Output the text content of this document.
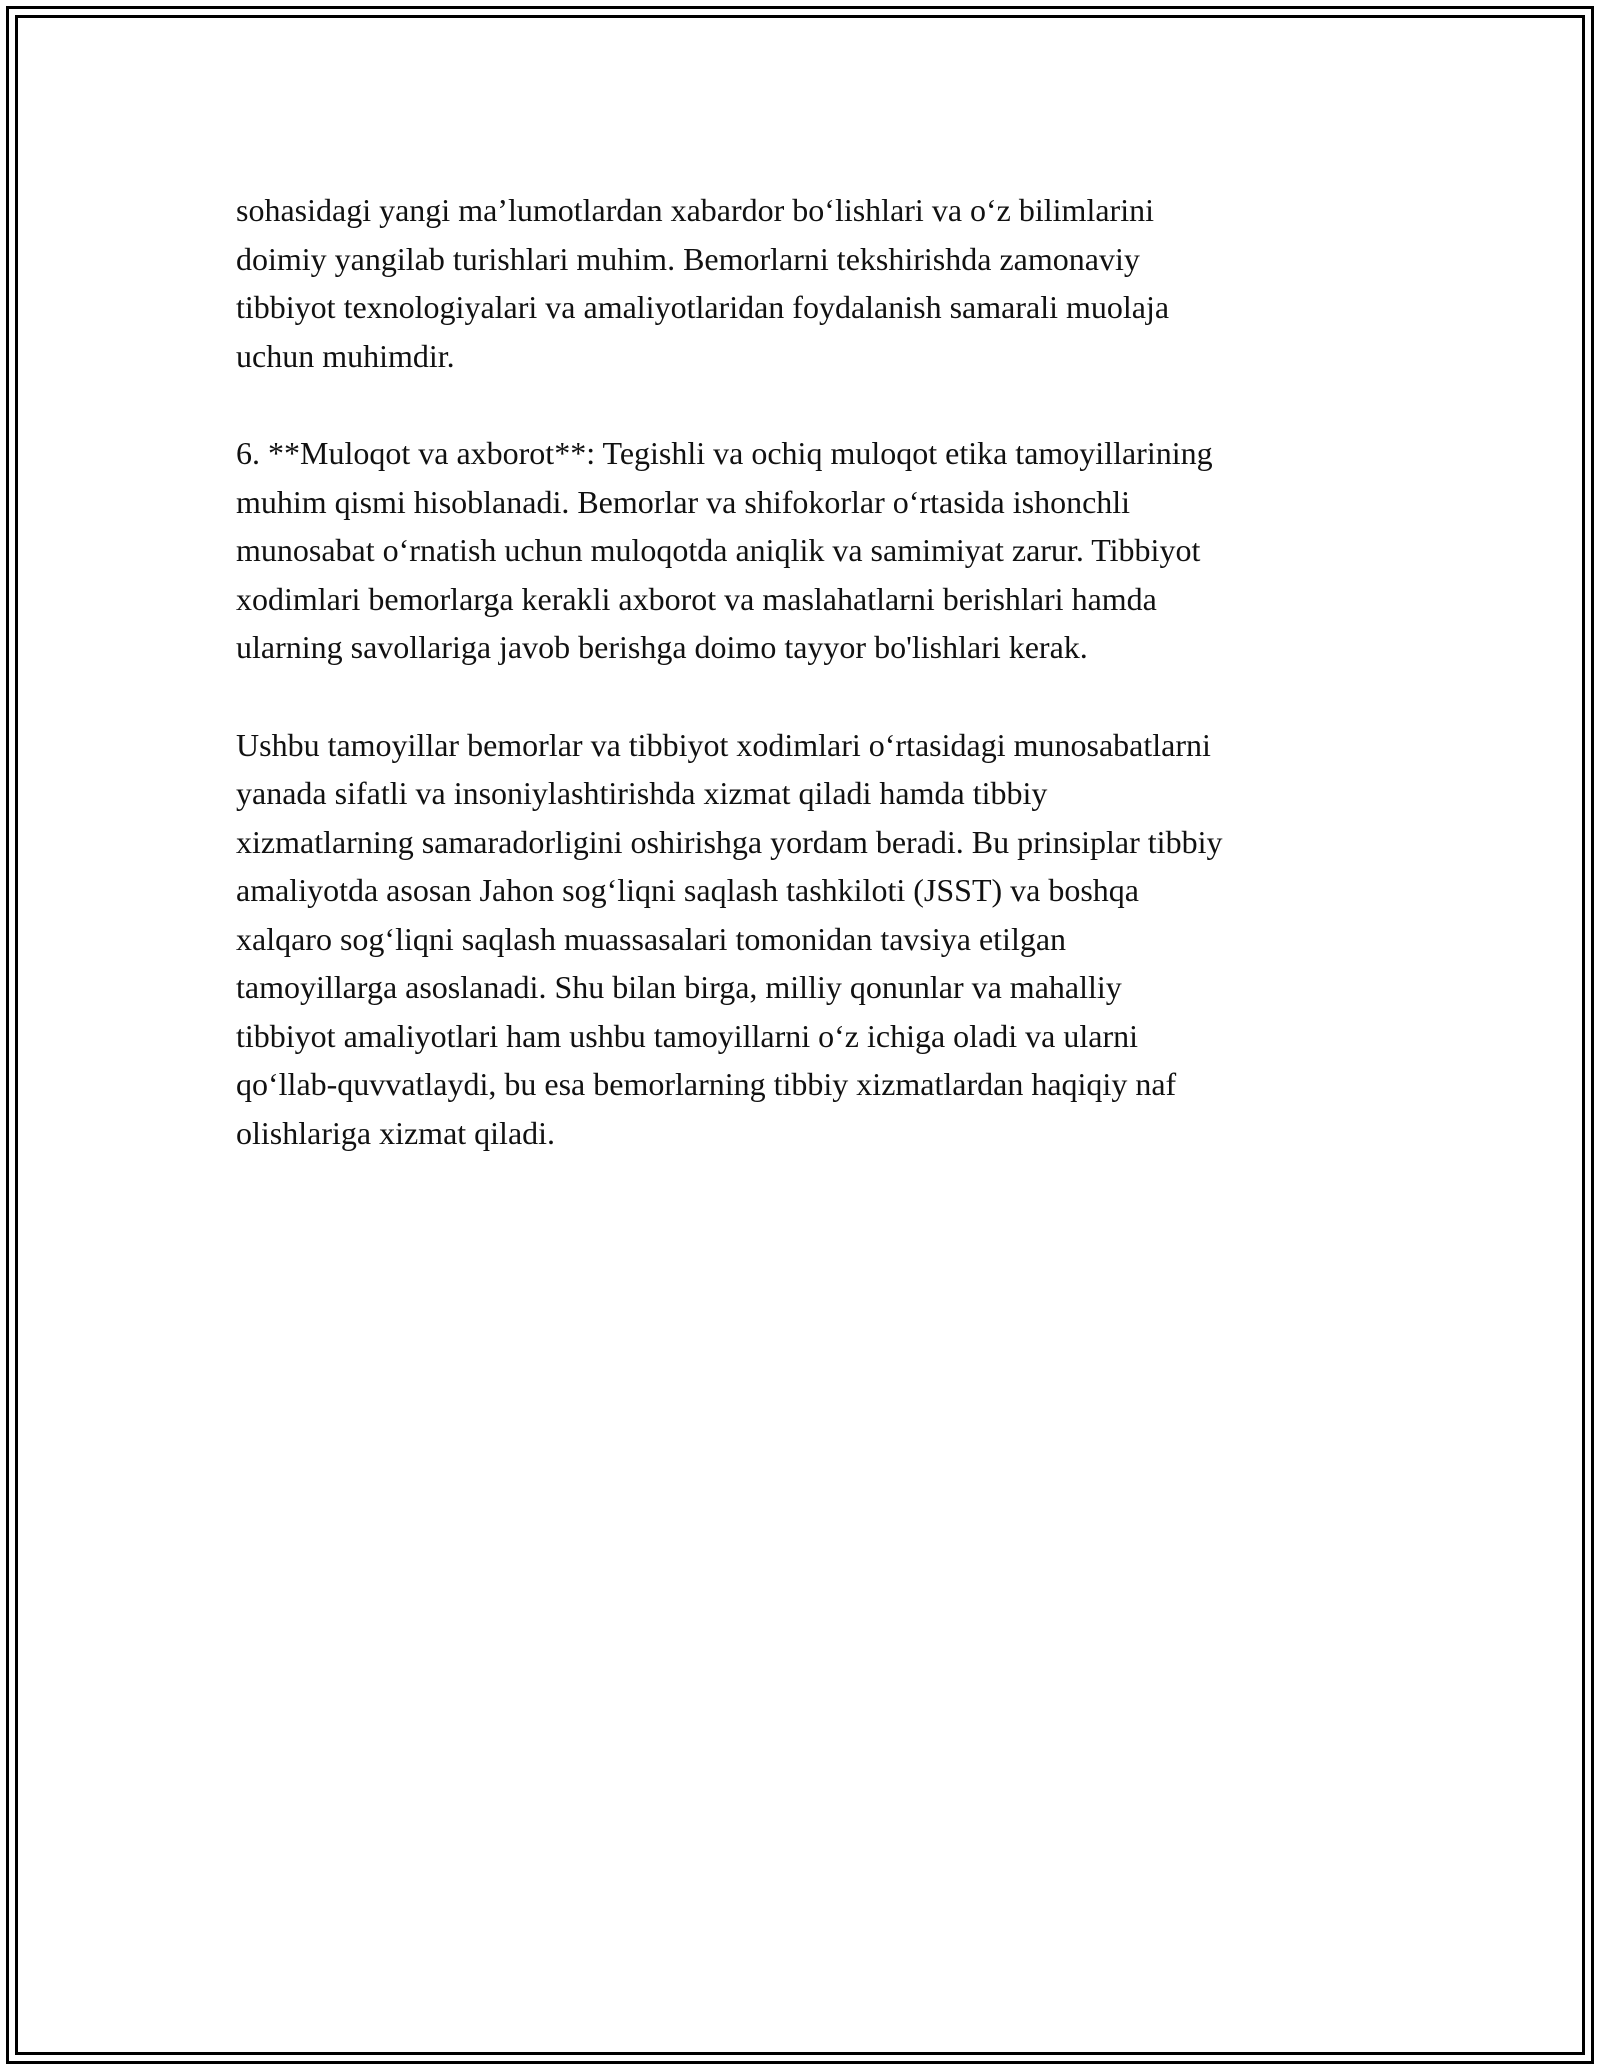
sohasidagi yangi ma’lumotlardan xabardor bo‘lishlari va o‘z bilimlarini
doimiy yangilab turishlari muhim. Bemorlarni tekshirishda zamonaviy
tibbiyot texnologiyalari va amaliyotlaridan foydalanish samarali muolaja
uchun muhimdir.

6. **Muloqot va axborot**: Tegishli va ochiq muloqot etika tamoyillarining
muhim qismi hisoblanadi. Bemorlar va shifokorlar o‘rtasida ishonchli
munosabat o‘rnatish uchun muloqotda aniqlik va samimiyat zarur. Tibbiyot
xodimlari bemorlarga kerakli axborot va maslahatlarni berishlari hamda
ularning savollariga javob berishga doimo tayyor bo'lishlari kerak.

Ushbu tamoyillar bemorlar va tibbiyot xodimlari o‘rtasidagi munosabatlarni
yanada sifatli va insoniylashtirishda xizmat qiladi hamda tibbiy
xizmatlarning samaradorligini oshirishga yordam beradi. Bu prinsiplar tibbiy
amaliyotda asosan Jahon sog‘liqni saqlash tashkiloti (JSST) va boshqa
xalqaro sog‘liqni saqlash muassasalari tomonidan tavsiya etilgan
tamoyillarga asoslanadi. Shu bilan birga, milliy qonunlar va mahalliy
tibbiyot amaliyotlari ham ushbu tamoyillarni o‘z ichiga oladi va ularni
qo‘llab-quvvatlaydi, bu esa bemorlarning tibbiy xizmatlardan haqiqiy naf
olishlariga xizmat qiladi.
